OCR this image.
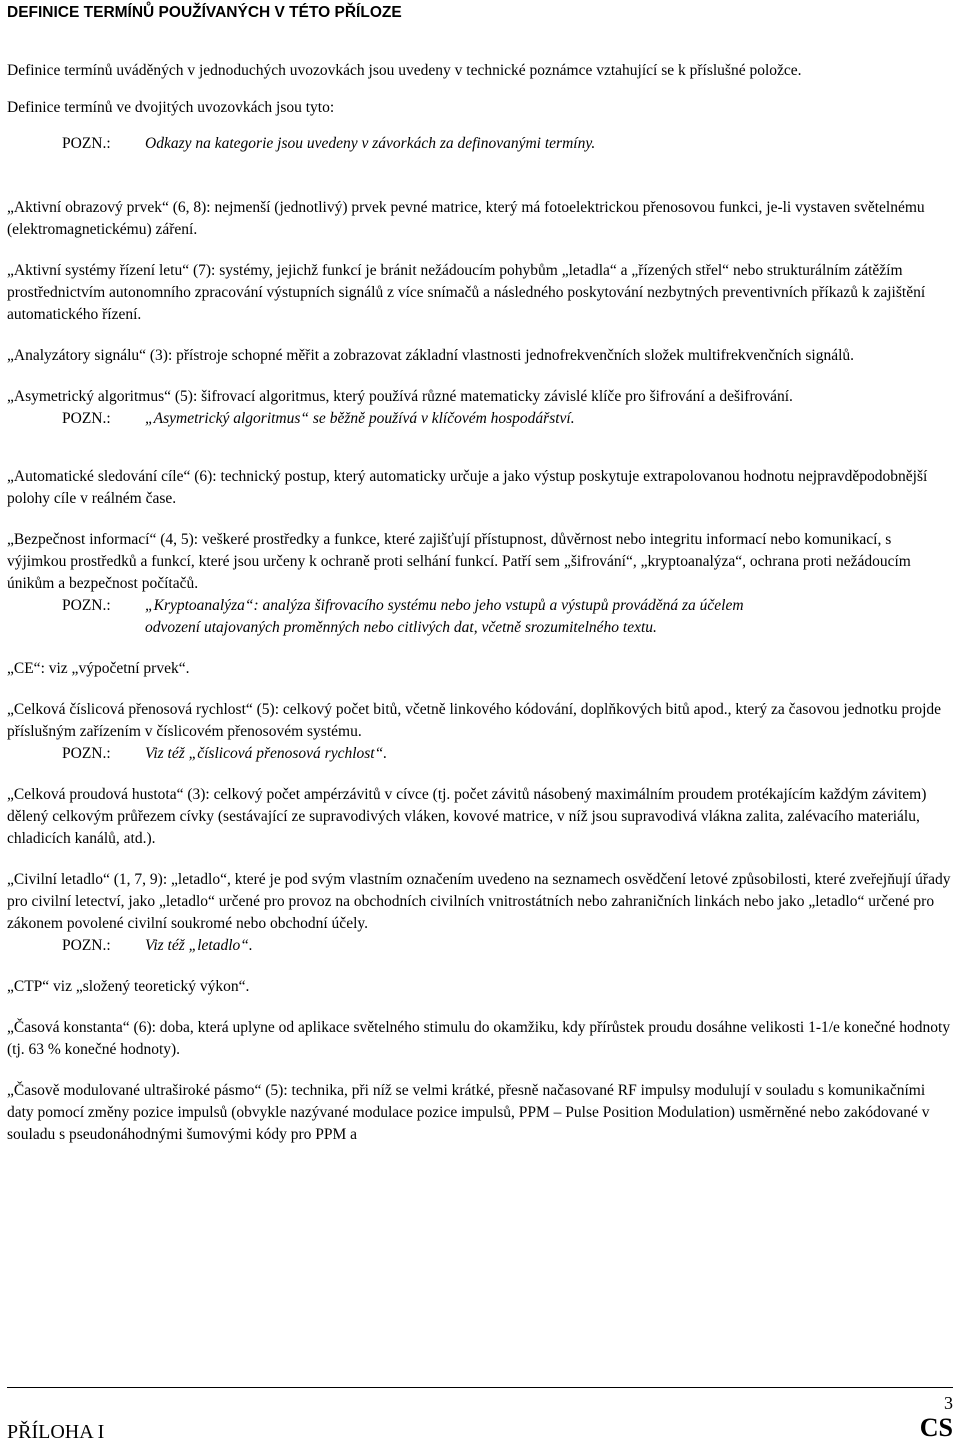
DEFINICE TERMÍNŮ POUŽÍVANÝCH V TÉTO PŘÍLOZE

Definice termínů uváděných v jednoduchých uvozovkách jsou uvedeny v technické poznámce vztahující se k příslušné položce.

Definice termínů ve dvojitých uvozovkách jsou tyto:

POZN.:	Odkazy na kategorie jsou uvedeny v závorkách za definovanými termíny.

„Aktivní obrazový prvek“ (6, 8): nejmenší (jednotlivý) prvek pevné matrice, který má fotoelektrickou přenosovou funkci, je-li vystaven světelnému (elektromagnetickému) záření.

„Aktivní systémy řízení letu“ (7): systémy, jejichž funkcí je bránit nežádoucím pohybům „letadla“ a „řízených střel“ nebo strukturálním zátěžím prostřednictvím autonomního zpracování výstupních signálů z více snímačů a následného poskytování nezbytných preventivních příkazů k zajištění automatického řízení.

„Analyzátory signálu“ (3): přístroje schopné měřit a zobrazovat základní vlastnosti jednofrekvenčních složek multifrekvenčních signálů.

„Asymetrický algoritmus“ (5): šifrovací algoritmus, který používá různé matematicky závislé klíče pro šifrování a dešifrování.

POZN.:	„Asymetrický algoritmus“ se běžně používá v klíčovém hospodářství.

„Automatické sledování cíle“ (6): technický postup, který automaticky určuje a jako výstup poskytuje extrapolovanou hodnotu nejpravděpodobnější polohy cíle v reálném čase.

„Bezpečnost informací“ (4, 5): veškeré prostředky a funkce, které zajišťují přístupnost, důvěrnost nebo integritu informací nebo komunikací, s výjimkou prostředků a funkcí, které jsou určeny k ochraně proti selhání funkcí. Patří sem „šifrování“, „kryptoanalýza“, ochrana proti nežádoucím únikům a bezpečnost počítačů.

POZN.:	„Kryptoanalýza“: analýza šifrovacího systému nebo jeho vstupů a výstupů prováděná za účelem

odvození utajovaných proměnných nebo citlivých dat, včetně srozumitelného textu.

„CE“: viz „výpočetní prvek“.

„Celková číslicová přenosová rychlost“ (5): celkový počet bitů, včetně linkového kódování, doplňkových bitů apod., který za časovou jednotku projde příslušným zařízením v číslicovém přenosovém systému.

POZN.:	Viz též „číslicová přenosová rychlost“.

„Celková proudová hustota“ (3): celkový počet ampérzávitů v cívce (tj. počet závitů násobený maximálním proudem protékajícím každým závitem) dělený celkovým průřezem cívky (sestávající ze supravodivých vláken, kovové matrice, v níž jsou supravodivá vlákna zalita, zalévacího materiálu, chladicích kanálů, atd.).

„Civilní letadlo“ (1, 7, 9): „letadlo“, které je pod svým vlastním označením uvedeno na seznamech osvědčení letové způsobilosti, které zveřejňují úřady pro civilní letectví, jako „letadlo“ určené pro provoz na obchodních civilních vnitrostátních nebo zahraničních linkách nebo jako „letadlo“ určené pro zákonem povolené civilní soukromé nebo obchodní účely.

POZN.:	Viz též „letadlo“.

„CTP“ viz „složený teoretický výkon“.

„Časová konstanta“ (6): doba, která uplyne od aplikace světelného stimulu do okamžiku, kdy přírůstek proudu dosáhne velikosti 1-1/e konečné hodnoty (tj. 63 % konečné hodnoty).

„Časově modulované ultraširoké pásmo“ (5): technika, při níž se velmi krátké, přesně načasované RF impulsy modulují v souladu s komunikačními daty pomocí změny pozice impulsů (obvykle nazývané modulace pozice impulsů, PPM – Pulse Position Modulation) usměrněné nebo zakódované v souladu s pseudonáhodnými šumovými kódy pro PPM a

PŘÍLOHA I
3
CS
